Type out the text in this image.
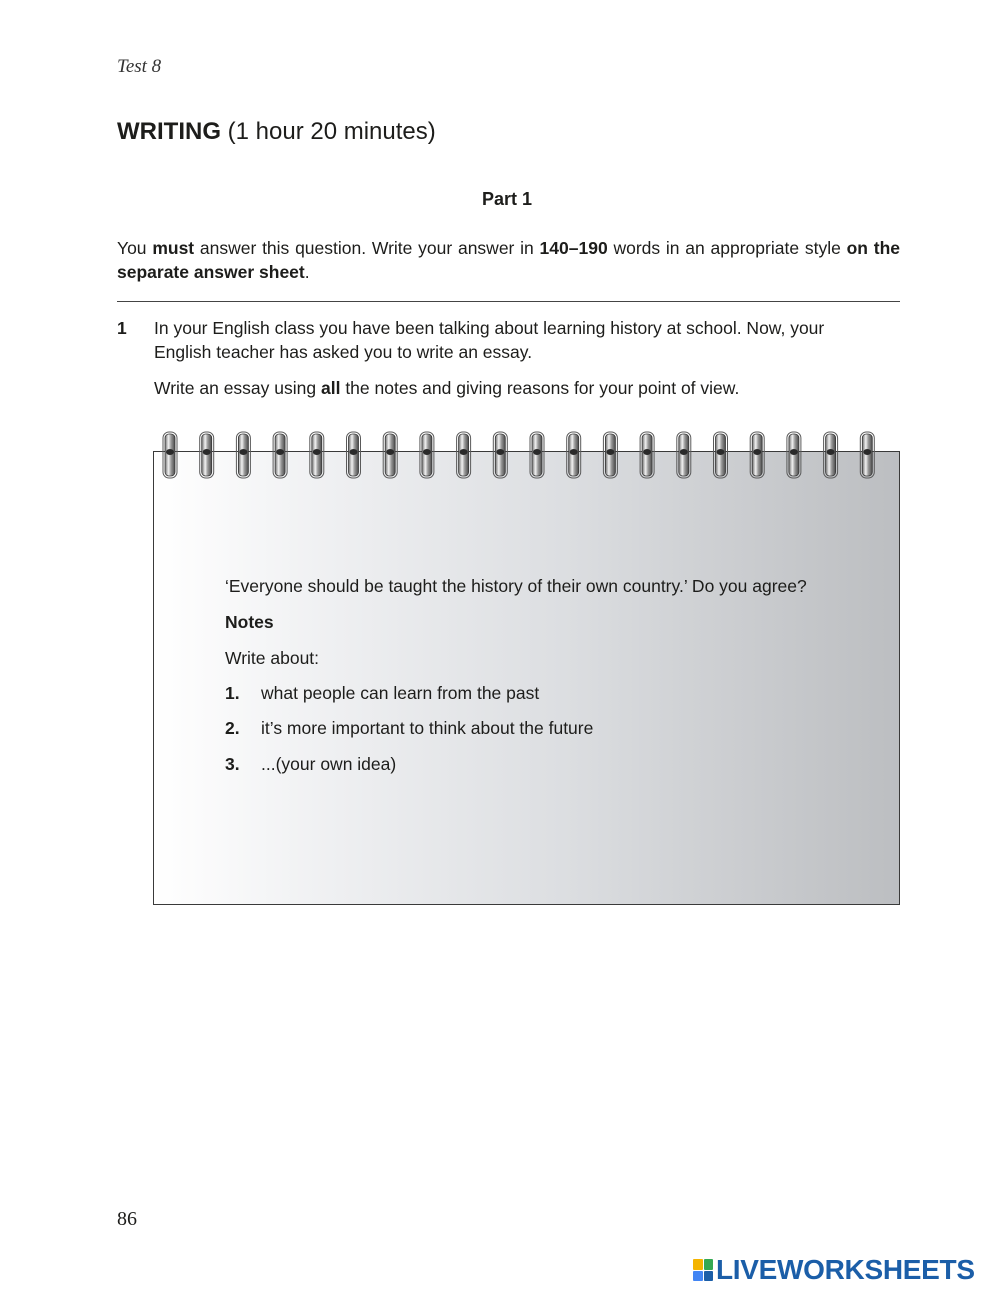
Test 8
WRITING (1 hour 20 minutes)
Part 1
You must answer this question. Write your answer in 140–190 words in an appropriate style on the separate answer sheet.
1 In your English class you have been talking about learning history at school. Now, your English teacher has asked you to write an essay.
Write an essay using all the notes and giving reasons for your point of view.
‘Everyone should be taught the history of their own country.’ Do you agree?
Notes
Write about:
1. what people can learn from the past
2. it’s more important to think about the future
3. ...(your own idea)
86
LIVEWORKSHEETS
